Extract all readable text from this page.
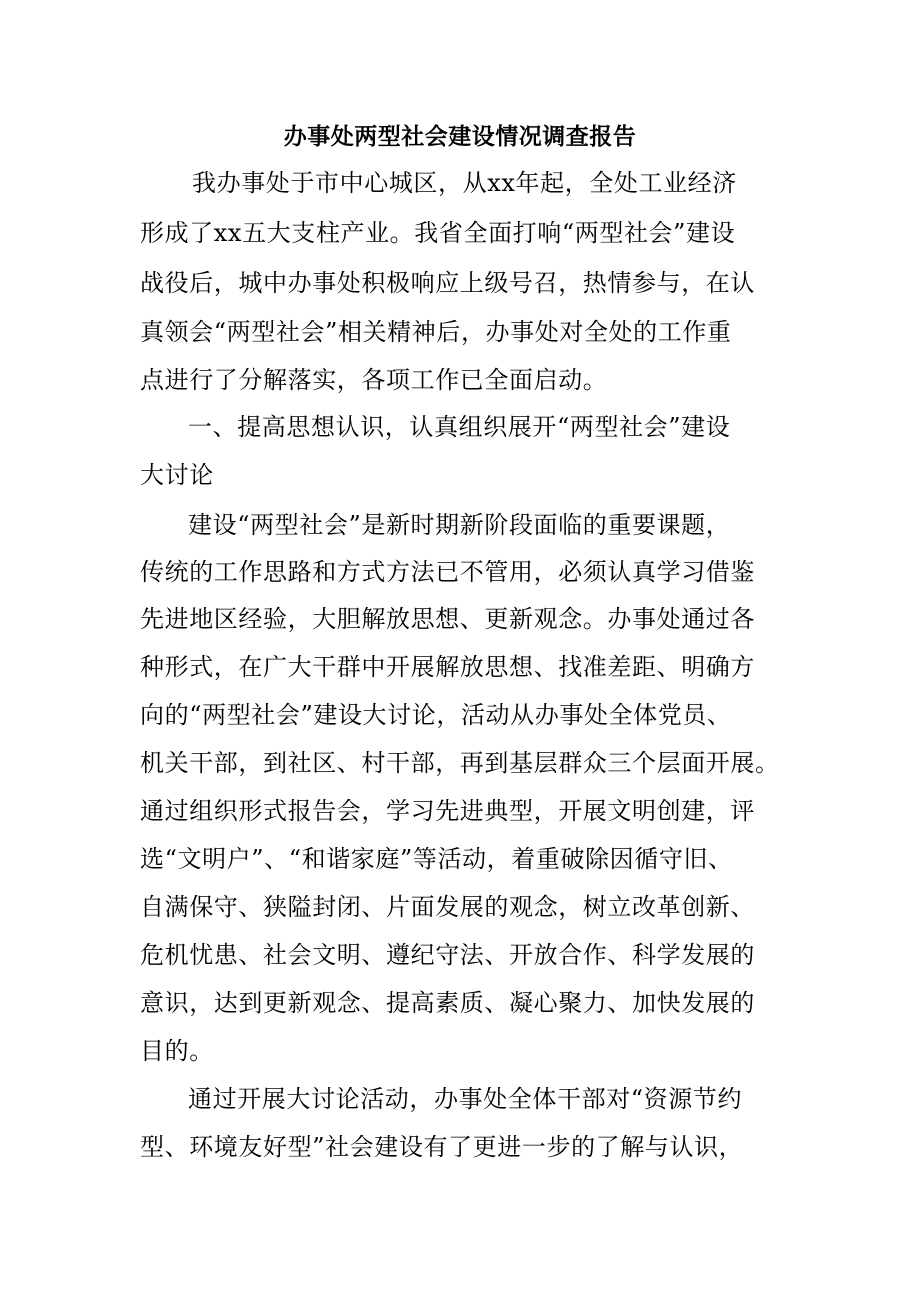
办事处两型社会建设情况调查报告
我办事处于市中心城区，从xx年起，全处工业经济
形成了xx五大支柱产业。我省全面打响“两型社会”建设
战役后，城中办事处积极响应上级号召，热情参与，在认
真领会“两型社会”相关精神后，办事处对全处的工作重
点进行了分解落实，各项工作已全面启动。
一、提高思想认识，认真组织展开“两型社会”建设
大讨论
建设“两型社会”是新时期新阶段面临的重要课题，
传统的工作思路和方式方法已不管用，必须认真学习借鉴
先进地区经验，大胆解放思想、更新观念。办事处通过各
种形式，在广大干群中开展解放思想、找准差距、明确方
向的“两型社会”建设大讨论，活动从办事处全体党员、
机关干部，到社区、村干部，再到基层群众三个层面开展。
通过组织形式报告会，学习先进典型，开展文明创建，评
选“文明户”、“和谐家庭”等活动，着重破除因循守旧、
自满保守、狭隘封闭、片面发展的观念，树立改革创新、
危机忧患、社会文明、遵纪守法、开放合作、科学发展的
意识，达到更新观念、提高素质、凝心聚力、加快发展的
目的。
通过开展大讨论活动，办事处全体干部对“资源节约
型、环境友好型”社会建设有了更进一步的了解与认识，
